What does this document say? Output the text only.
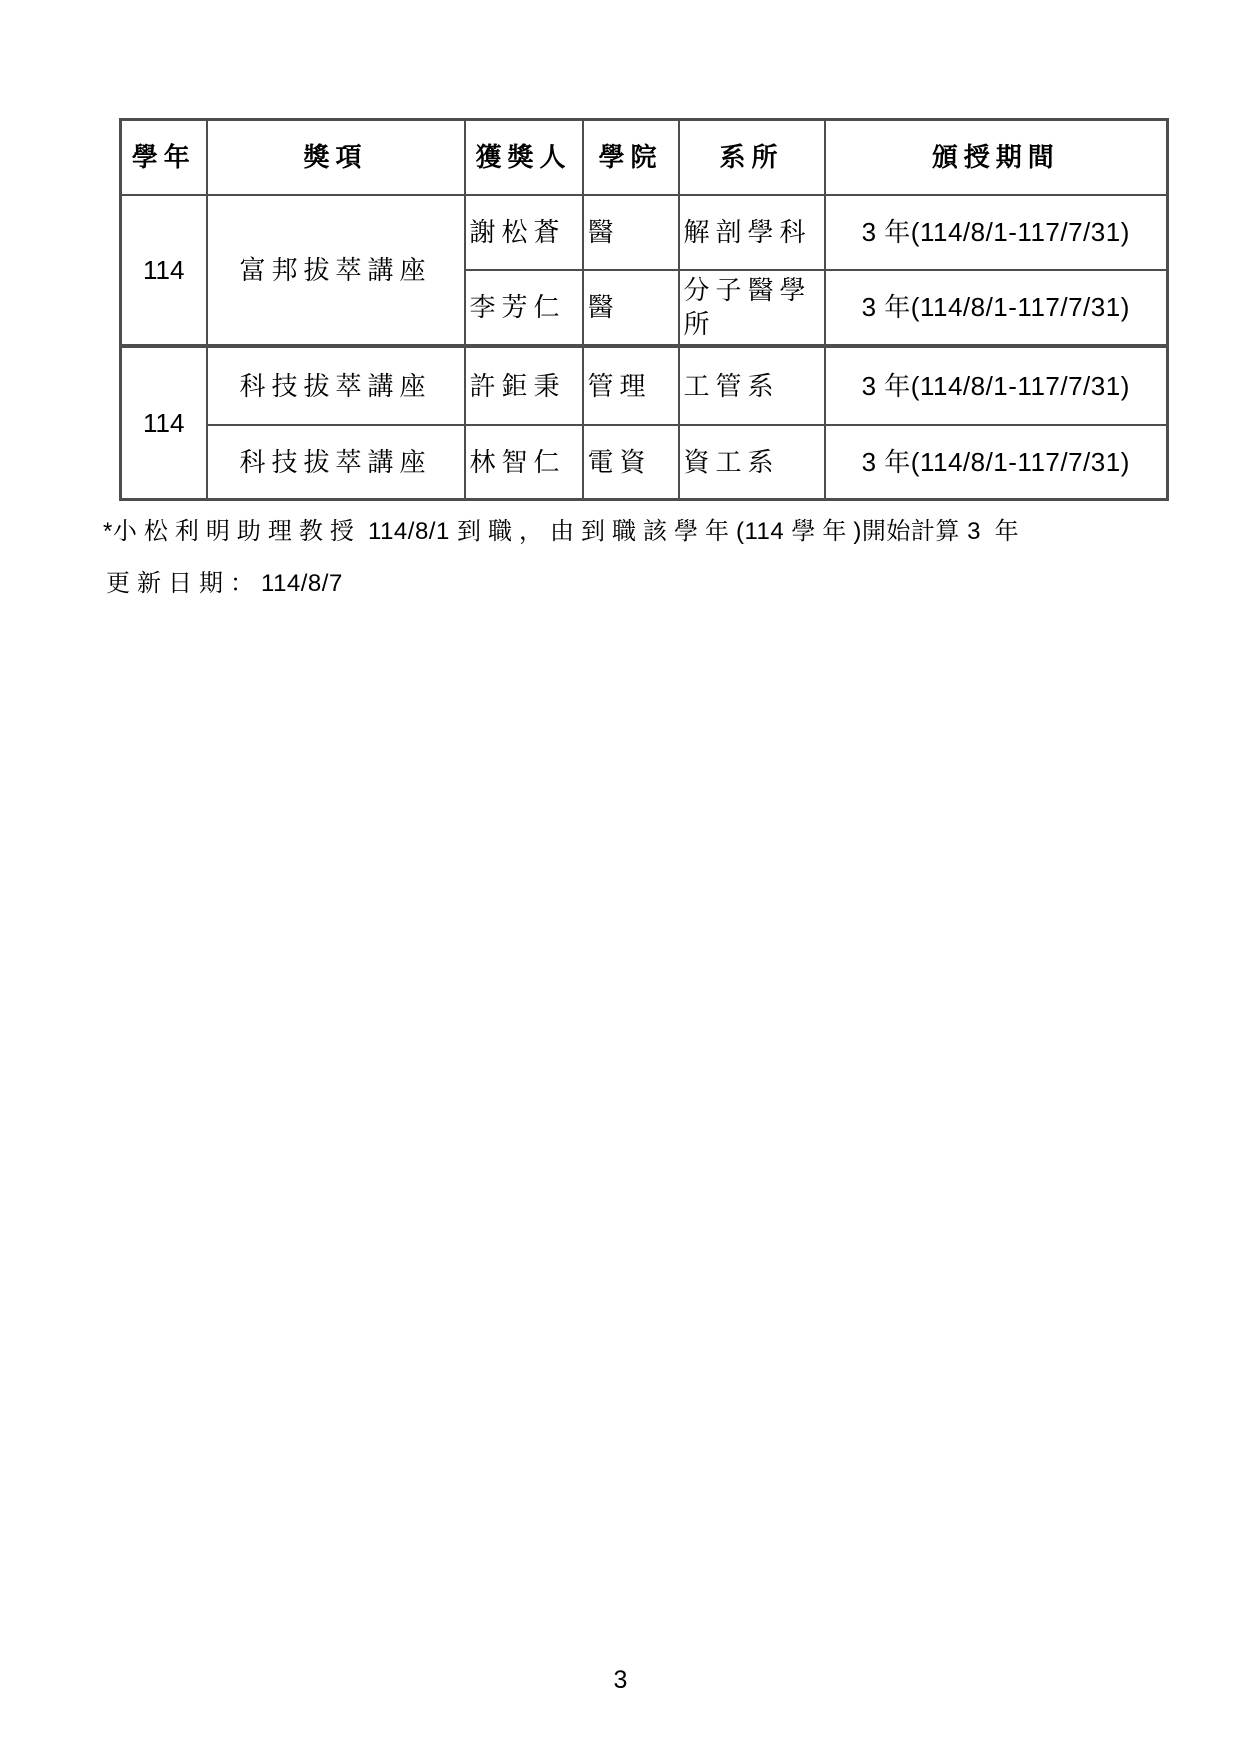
學年	獎項	獲獎人	學院	系所	頒授期間
114	富邦拔萃講座	謝松蒼	醫	解剖學科	3 年(114/8/1-117/7/31)
		李芳仁	醫	分子醫學所	3 年(114/8/1-117/7/31)
114	科技拔萃講座	許鉅秉	管理	工管系	3 年(114/8/1-117/7/31)
	科技拔萃講座	林智仁	電資	資工系	3 年(114/8/1-117/7/31)
*小松利明助理教授 114/8/1 到職，由到職該學年(114 學年)開始計算 3 年
更新日期：114/8/7
3
